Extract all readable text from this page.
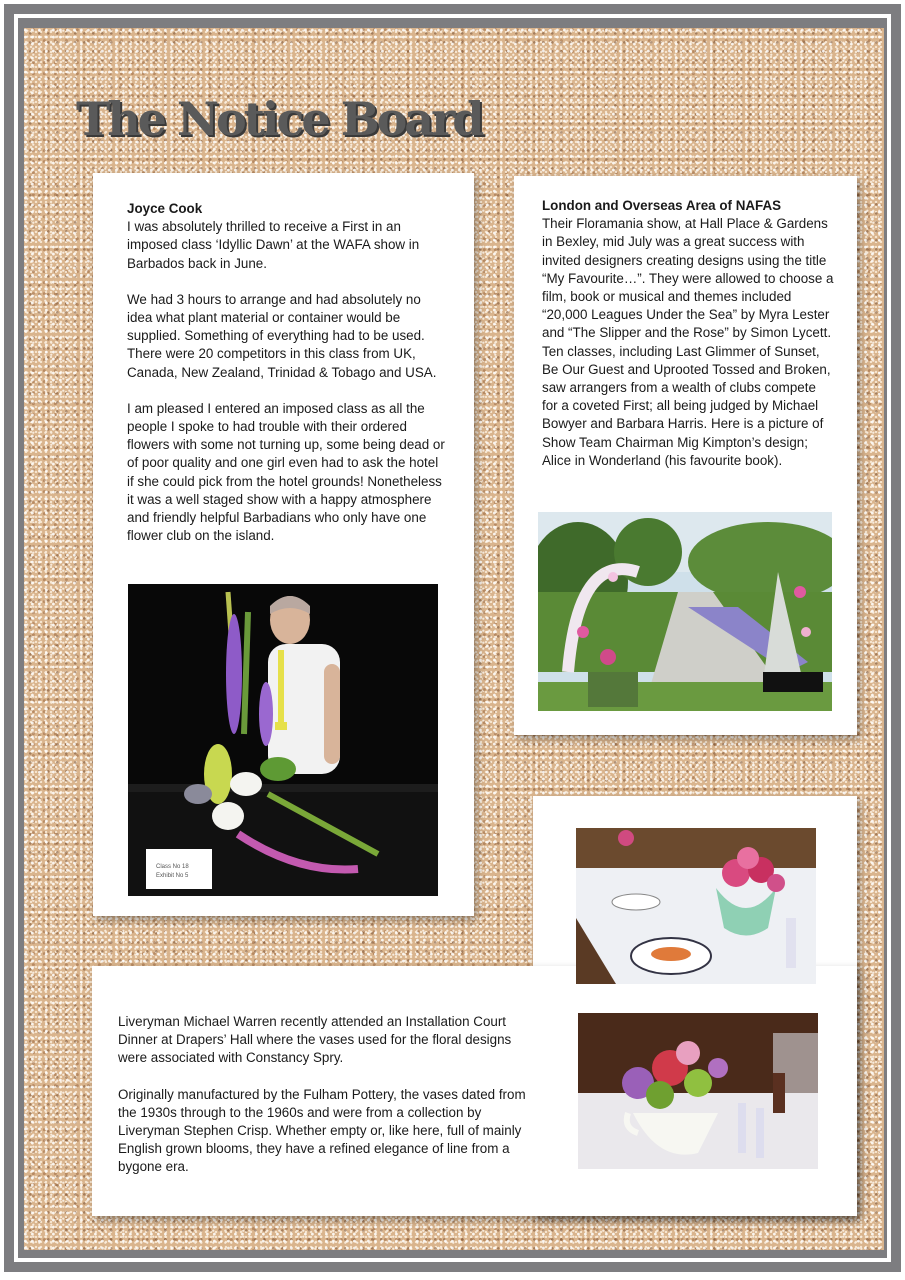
The Notice Board
Joyce Cook

I was absolutely thrilled to receive a First in an imposed class ‘Idyllic Dawn’ at the WAFA show in Barbados back in June.

We had 3 hours to arrange and had absolutely no idea what plant material or container would be supplied. Something of everything had to be used. There were 20 competitors in this class from UK, Canada, New Zealand, Trinidad & Tobago and USA.

I am pleased I entered an imposed class as all the people I spoke to had trouble with their ordered flowers with some not turning up, some being dead or of poor quality and one girl even had to ask the hotel if she could pick from the hotel grounds! Nonetheless it was a well staged show with a happy atmosphere and friendly helpful Barbadians who only have one flower club on the island.

Class No 18
Exhibit No 5
London and Overseas Area of NAFAS
Their Floramania show, at Hall Place & Gardens in Bexley, mid July was a great success with invited designers creating designs using the title “My Favourite…”. They were allowed to choose a film, book or musical and themes included “20,000 Leagues Under the Sea” by Myra Lester and “The Slipper and the Rose” by Simon Lycett. Ten classes, including Last Glimmer of Sunset, Be Our Guest and Uprooted Tossed and Broken, saw arrangers from a wealth of clubs compete for a coveted First; all being judged by Michael Bowyer and Barbara Harris. Here is a picture of Show Team Chairman Mig Kimpton’s design; Alice in Wonderland (his favourite book).

Liveryman Michael Warren recently attended an Installation Court Dinner at Drapers’ Hall where the vases used for the floral designs were associated with Constancy Spry.

Originally manufactured by the Fulham Pottery, the vases dated from the 1930s through to the 1960s and were from a collection by Liveryman Stephen Crisp. Whether empty or, like here, full of mainly English grown blooms, they have a refined elegance of line from a bygone era.
